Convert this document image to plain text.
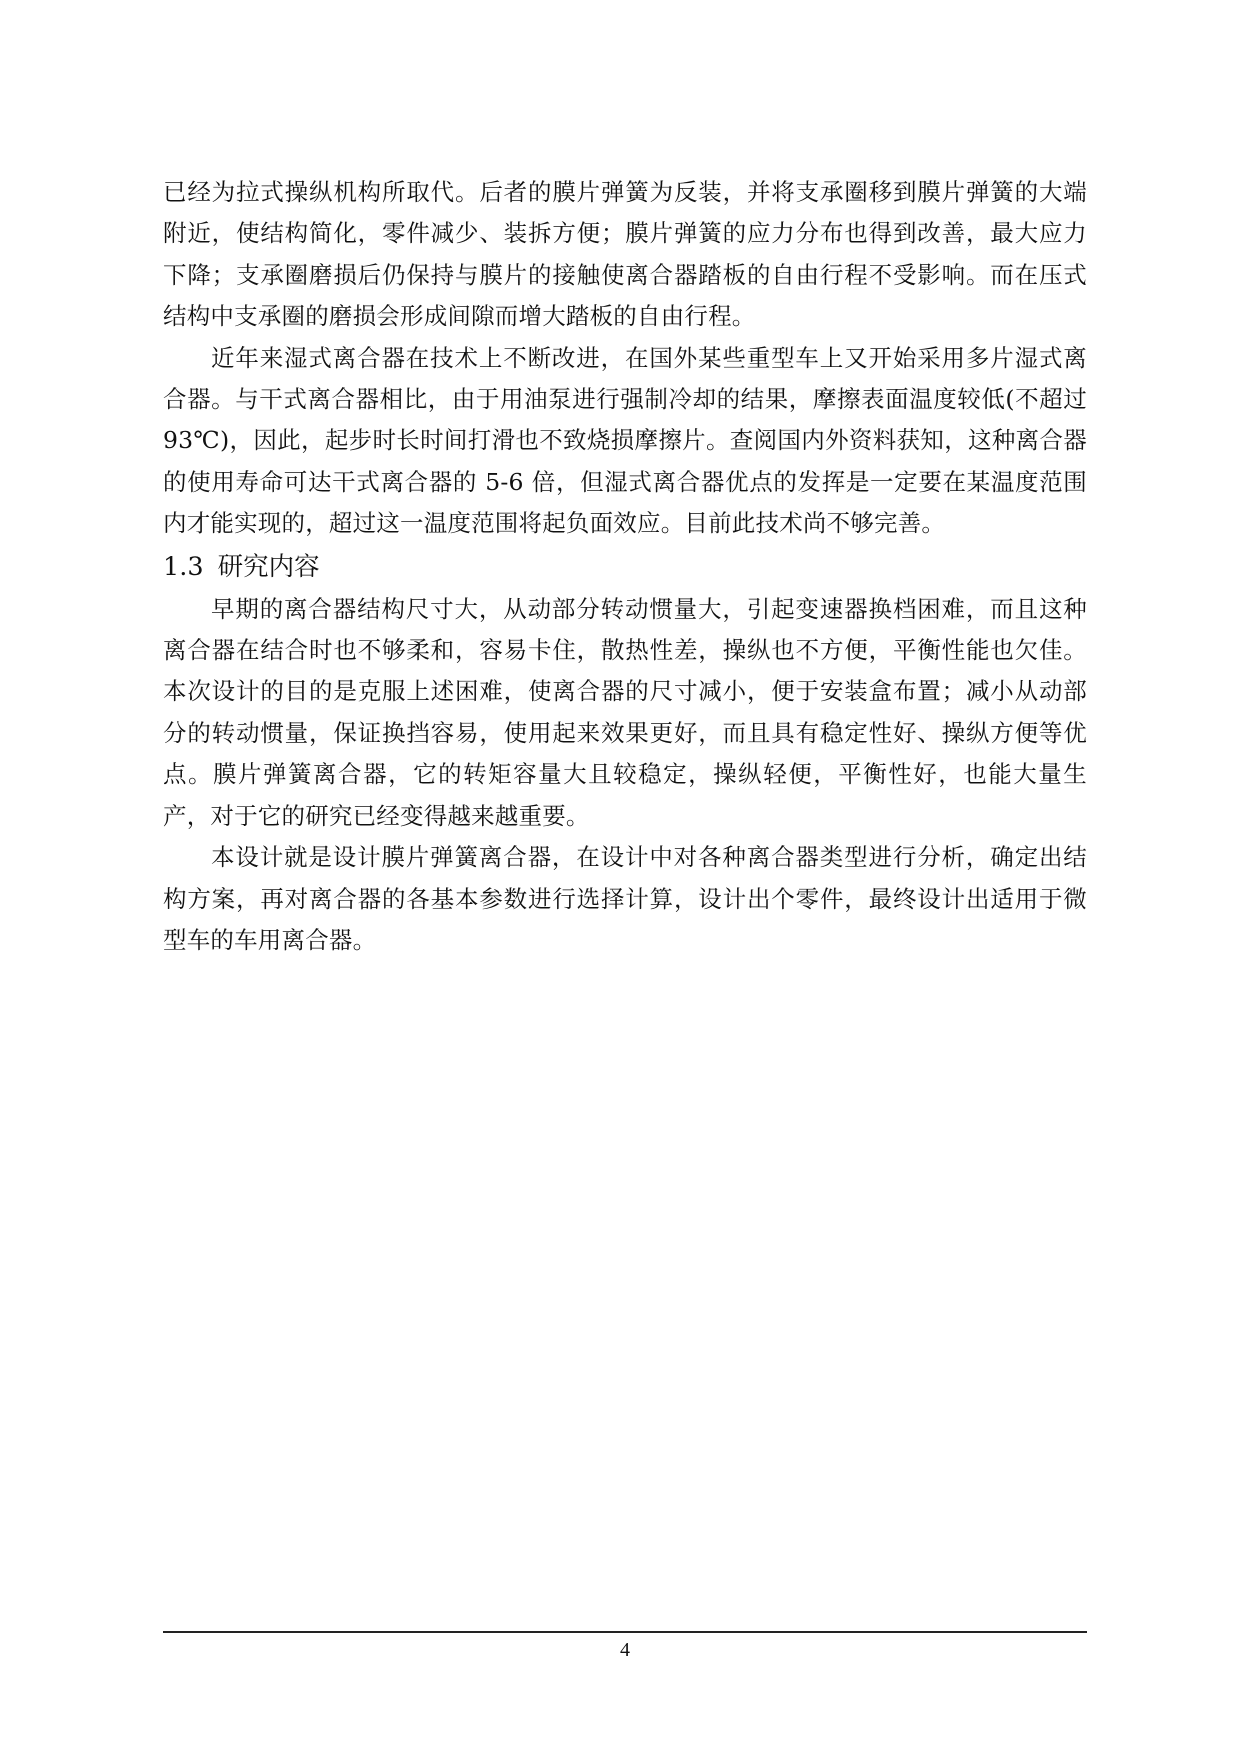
已经为拉式操纵机构所取代。后者的膜片弹簧为反装，并将支承圈移到膜片弹簧的大端附近，使结构简化，零件减少、装拆方便；膜片弹簧的应力分布也得到改善，最大应力下降；支承圈磨损后仍保持与膜片的接触使离合器踏板的自由行程不受影响。而在压式结构中支承圈的磨损会形成间隙而增大踏板的自由行程。

近年来湿式离合器在技术上不断改进，在国外某些重型车上又开始采用多片湿式离合器。与干式离合器相比，由于用油泵进行强制冷却的结果，摩擦表面温度较低(不超过 93℃)，因此，起步时长时间打滑也不致烧损摩擦片。查阅国内外资料获知，这种离合器的使用寿命可达干式离合器的 5-6 倍，但湿式离合器优点的发挥是一定要在某温度范围内才能实现的，超过这一温度范围将起负面效应。目前此技术尚不够完善。

1.3 研究内容

早期的离合器结构尺寸大，从动部分转动惯量大，引起变速器换档困难，而且这种离合器在结合时也不够柔和，容易卡住，散热性差，操纵也不方便，平衡性能也欠佳。本次设计的目的是克服上述困难，使离合器的尺寸减小，便于安装盒布置；减小从动部分的转动惯量，保证换挡容易，使用起来效果更好，而且具有稳定性好、操纵方便等优点。膜片弹簧离合器，它的转矩容量大且较稳定，操纵轻便，平衡性好，也能大量生产，对于它的研究已经变得越来越重要。

本设计就是设计膜片弹簧离合器，在设计中对各种离合器类型进行分析，确定出结构方案，再对离合器的各基本参数进行选择计算，设计出个零件，最终设计出适用于微型车的车用离合器。

4
